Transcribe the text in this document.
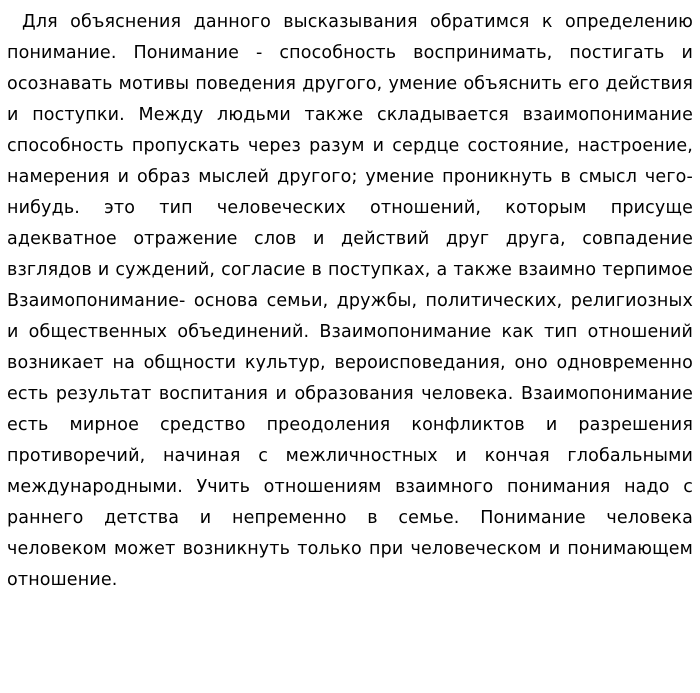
Для объяснения данного высказывания обратимся к определению понимание. Понимание - способность воспринимать, постигать и осознавать мотивы поведения другого, умение объяснить его действия и поступки. Между людьми также складывается взаимопонимание способность пропускать через разум и сердце состояние, настроение, намерения и образ мыслей другого; умение проникнуть в смысл чего-нибудь. это тип человеческих отношений, которым присуще адекватное отражение слов и действий друг друга, совпадение взглядов и суждений, согласие в поступках, а также взаимно терпимое Взаимопонимание- основа семьи, дружбы, политических, религиозных и общественных объединений. Взаимопонимание как тип отношений возникает на общности культур, вероисповедания, оно одновременно есть результат воспитания и образования человека. Взаимопонимание есть мирное средство преодоления конфликтов и разрешения противоречий, начиная с межличностных и кончая глобальными международными. Учить отношениям взаимного понимания надо с раннего детства и непременно в семье. Понимание человека человеком может возникнуть только при человеческом и понимающем отношение.
